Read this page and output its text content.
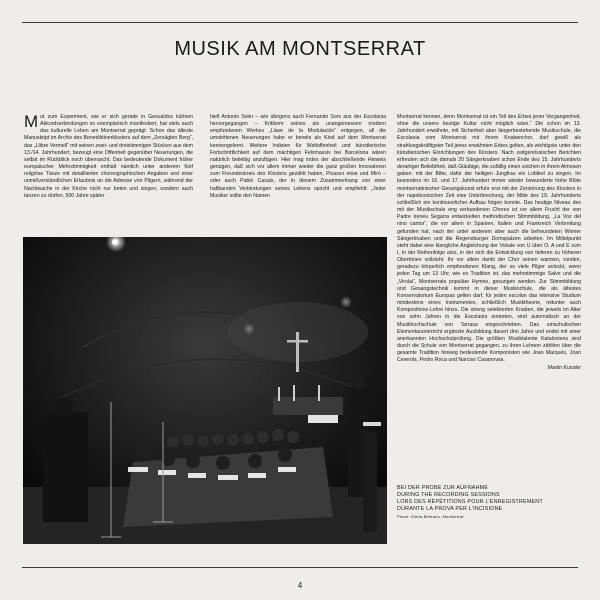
MUSIK AM MONTSERRAT
Mut zum Experiment, wie er sich gerade in Gesualdos kühnen Akkordverbindungen so exemplarisch manifestiert, hat stets auch das kulturelle Leben am Montserrat geprägt. Schon das älteste Manuskript im Archiv des Benediktinerklosters auf dem „Zersägten Berg“, das „Llibre Vermell“ mit seinen zwei- und dreistimmigen Stücken aus dem 13./14. Jahrhundert, bezeugt eine Offenheit gegenüber Neuerungen, die selbst im Rückblick noch überrascht. Das bedeutende Dokument früher europäischer Mehrstimmigkeit enthält nämlich unter anderem fünf religiöse Tänze mit detaillierten choreographischen Angaben und einer unmißverständlichen Erlaubnis an die Adresse von Pilgern, während der Nachtwache in der Kirche nicht nur beten und singen, sondern auch tanzen zu dürfen. 500 Jahre später
hielt Antonio Soler – wie übrigens auch Fernando Sors aus der Escolania hervorgegangen – Kritikern seines als unangemessen modern empfundenen Werkes „Llave de la Modulación“ entgegen, all die umstrittenen Neuerungen habe er bereits als Kind auf dem Montserrat kennengelernt. Weitere Indizien für Weltoffenheit und künstlerische Fortschrittlichkeit auf dem mächtigen Felsmassiv bei Barcelona wären natürlich beliebig anzufügen. Hier mag indes der abschließende Hinweis genügen, daß sich vor allem immer wieder die ganz großen Innovatoren zum Freundeskreis des Klosters gezählt haben, Picasso etwa und Miró – oder auch Pablo Casals, der in diesem Zusammenhang von einer haltbarsten Verbindungen seines Lebens spricht und empfiehlt: „Jeder Musiker sollte den Namen
Montserrat kennen, denn Montserrat ist ein Teil des Erbes jener Vergangenheit, ohne die unsere heutige Kultur nicht möglich wäre.“ Die schon im 13. Jahrhundert erwähnte, mit Sicherheit aber längerbestehende Musikschule, die Escolania vom Montserrat mit ihrem Knabenchor, darf gewiß als strahlungskräftigster Teil jenes erwähnten Erbes gelten, als wichtigste unter den künstlerischen Einrichtungen des Klosters. Nach zeitgenössischen Berichten erfreuten sich die damals 20 Sängerknaben schon Ende des 15. Jahrhunderts derartiger Beliebtheit, daß Gläubige, die zufällig einen solchen in ihrem Almosen gaben: mit der Bitte, dafür der heiligen Jungfrau ein Loblied zu singen. Im besonders im 16. und 17. Jahrhundert immer wieder bewunderte hohe Blüte montserratinischer Gesangskunst erfuhr erst mit der Zerstörung des Klosters in der napoleonischen Zeit eine Unterbrechung, der Mitte des 19. Jahrhunderts schließlich ein kontinuierlicher Aufbau folgen konnte. Das heutige Niveau des mit der Musikschule eng verbundenen Chores ist vor allem Frucht der von Padre Ireneu Segarra entwickelten methodischen Stimmbildung. „La Voz del nino cantor“, die vor allem in Spanien, Italien und Frankreich Verbreitung gefunden hat, nach der unter anderem aber auch die befreundeten Wiener Sängerknaben und die Regensburger Domspatzen arbeiten. Im Mittelpunkt steht dabei eine klangliche Angleichung der Vokale von U über O, A und E zum I, in der Reihenfolge also, in der sich die Entwicklung von tieferen zu höheren Obertönen vollzieht. Ihr vor allem dankt der Chor seinen warmen, runden, geradezu körperlich empfundenen Klang, der so viele Pilger anlockt, wenn jeden Tag um 13 Uhr, wie es Tradition ist, das mehrstimmige Salve und die „Virolai“, Montserrats populäre Hymne, gesungen werden. Zur Stimmbildung und Gesangstechnik kommt in dieser Musikschule, die als ältestes Konservatorium Europas gelten darf, für jeden escolan das intensive Studium mindestens eines Instrumentes, schließlich Musiktheorie, mitunter auch Kompositions-Lehre hinzu. Die streng selektierten Knaben, die jeweils im Alter von zehn Jahren in die Escolania eintreten, sind automatisch an der Musikhochschule von Tarrasa eingeschrieben. Das umschulischen Elementarunterricht ergänzte Ausbildung dauert drei Jahre und endet mit einer anerkannten Hochschulprüfung. Die größten Musiktalente Kataloniens sind durch die Schule von Montserrat gegangen, zu ihren Lehrern zählten über die gesamte Tradition hinweg bedeutende Komponisten wie Joan Marqués, Joan Cererols, Pedro Roca und Narciso Casanovas.
Martin Kunzler
BEI DER PROBE ZUR AUFNAHME
DURING THE RECORDING SESSIONS
LORS DES RÉPÉTITIONS POUR L’ENREGISTREMENT
DURANTE LA PROVA PER L’INCISIONE
Photo: Elena Beltrans, Montserrat
4
